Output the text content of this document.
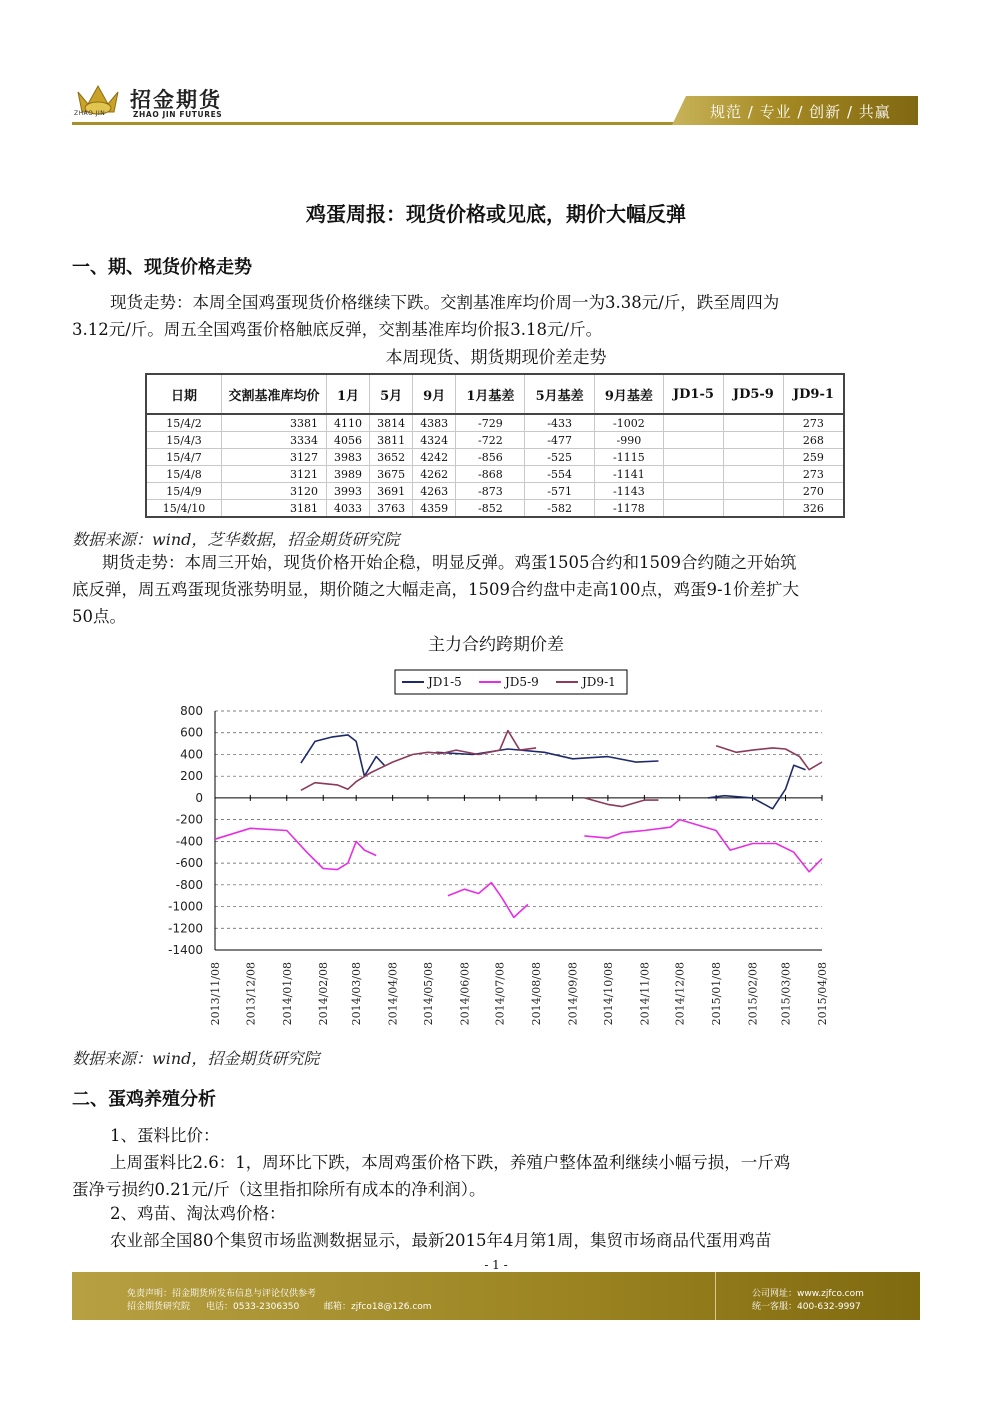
招金期货
ZHAO JIN	ZHAO JIN FUTURES	规范 / 专业 / 创新 / 共赢
鸡蛋周报：现货价格或见底，期价大幅反弹
一、期、现货价格走势
现货走势：本周全国鸡蛋现货价格继续下跌。交割基准库均价周一为3.38元/斤，跌至周四为
3.12元/斤。周五全国鸡蛋价格触底反弹，交割基准库均价报3.18元/斤。
本周现货、期货期现价差走势
日期	交割基准库均价	1月	5月	9月	1月基差	5月基差	9月基差	JD1-5	JD5-9	JD9-1
15/4/2	3381	4110	3814	4383	-729	-433	-1002			273
15/4/3	3334	4056	3811	4324	-722	-477	-990			268
15/4/7	3127	3983	3652	4242	-856	-525	-1115			259
15/4/8	3121	3989	3675	4262	-868	-554	-1141			273
15/4/9	3120	3993	3691	4263	-873	-571	-1143			270
15/4/10	3181	4033	3763	4359	-852	-582	-1178			326
数据来源：wind，芝华数据，招金期货研究院
期货走势：本周三开始，现货价格开始企稳，明显反弹。鸡蛋1505合约和1509合约随之开始筑
底反弹，周五鸡蛋现货涨势明显，期价随之大幅走高，1509合约盘中走高100点，鸡蛋9-1价差扩大
50点。
主力合约跨期价差
800
600
400
200
0
-200
-400
-600
-800
-1000
-1200
-1400
2013/11/08 2013/12/08 2014/01/08 2014/02/08 2014/03/08 2014/04/08 2014/05/08 2014/06/08 2014/07/08 2014/08/08 2014/09/08 2014/10/08 2014/11/08 2014/12/08 2015/01/08 2015/02/08 2015/03/08 2015/04/08
JD1-5	JD5-9	JD9-1
数据来源：wind，招金期货研究院
二、蛋鸡养殖分析
1、蛋料比价：
上周蛋料比2.6：1，周环比下跌，本周鸡蛋价格下跌，养殖户整体盈利继续小幅亏损，一斤鸡
蛋净亏损约0.21元/斤（这里指扣除所有成本的净利润）。
2、鸡苗、淘汰鸡价格：
农业部全国80个集贸市场监测数据显示，最新2015年4月第1周，集贸市场商品代蛋用鸡苗
- 1 -
免责声明：招金期货所发布信息与评论仅供参考
招金期货研究院 电话：0533-2306350	邮箱：zjfco18@126.com
公司网址：www.zjfco.com
统一客服：400-632-9997
